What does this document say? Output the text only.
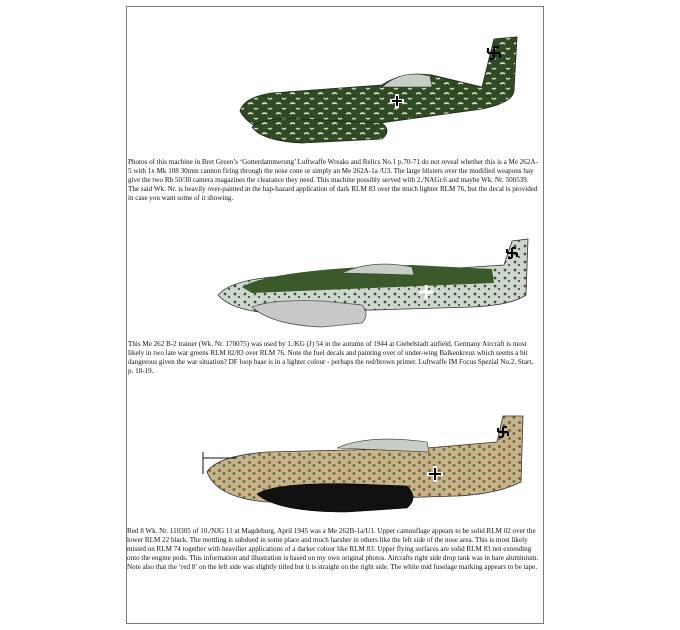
Photos of this machine in Bret Green’s ‘Gotterdammerung’ Luftwaffe Wreaks and Relics No.1 p.70-71 do not reveal whether this is a Me 262A-5 with 1x Mk 108 30mm cannon firing through the nose cone or simply an Me 262A-1a /U3. The large blisters over the modified weapons bay give the two Rb 50/30 camera magazines the clearance they need. This machine possibly served with 2./NAGr.6 and maybe Wk. Nr. 500539. The said Wk. Nr. is heavily over-painted in the hap-hazard application of dark RLM 83 over the much lighter RLM 76, but the decal is provided in case you want some of it showing.

This Me 262 B-2 trainer (Wk. Nr. 170075) was used by 1./KG (J) 54 in the autumn of 1944 at Giebelstadt airfield, Germany Aircraft is most likely in two late war greens RLM 82/83 over RLM 76. Note the fuel decals and painting over of under-wing Balkenkreuz which seems a bit dangerous given the war situation? DF loop base is in a lighter colour - perhaps the red/brown primer. Luftwaffe IM Focus Spezial No.2, Start, p. 18-19.

Red 8 Wk. Nr. 110305 of 10./NJG 11 at Magdeburg, April 1945 was a Me 262B-1a/U1. Upper camouflage appears to be solid RLM 02 over the lower RLM 22 black. The mottling is subdued in some place and much harsher in others like the left side of the nose area. This is most likely misted on RLM 74 together with heavilier applications of a darker colour like RLM 83. Upper flying surfaces are solid RLM 83 not extending onto the engine pods. This information and illustration is based on my own original photos. Aircrafts right side drop tank was in bare aluminium. Note also that the ‘red 8’ on the left side was slightly titled but it is straight on the right side. The white mid fuselage marking appears to be tape.
